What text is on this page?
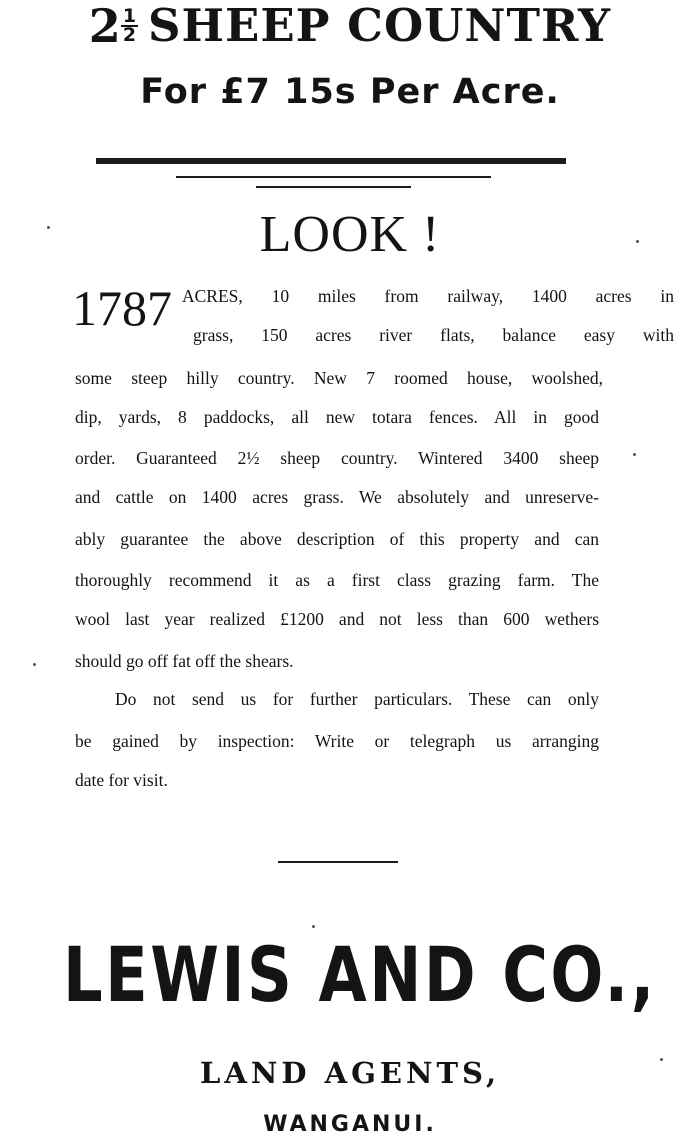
$2 \frac{1}{2}$ SHEEP COUNTRY
For £7 15s Per Acre.
LOOK !
1787 ACRES, 10 miles from railway, 1400 acres in
grass, 150 acres river flats, balance easy with
some steep hilly country. New 7 roomed house, woolshed,
dip, yards, 8 paddocks, all new totara fences. All in good
order. Guaranteed 2½ sheep country. Wintered 3400 sheep
and cattle on 1400 acres grass. We absolutely and unreserve-
ably guarantee the above description of this property and can
thoroughly recommend it as a first class grazing farm. The
wool last year realized £1200 and not less than 600 wethers
should go off fat off the shears.
Do not send us for further particulars. These can only
be gained by inspection: Write or telegraph us arranging
date for visit.
LEWIS AND CO.,
LAND AGENTS,
WANGANUI.
